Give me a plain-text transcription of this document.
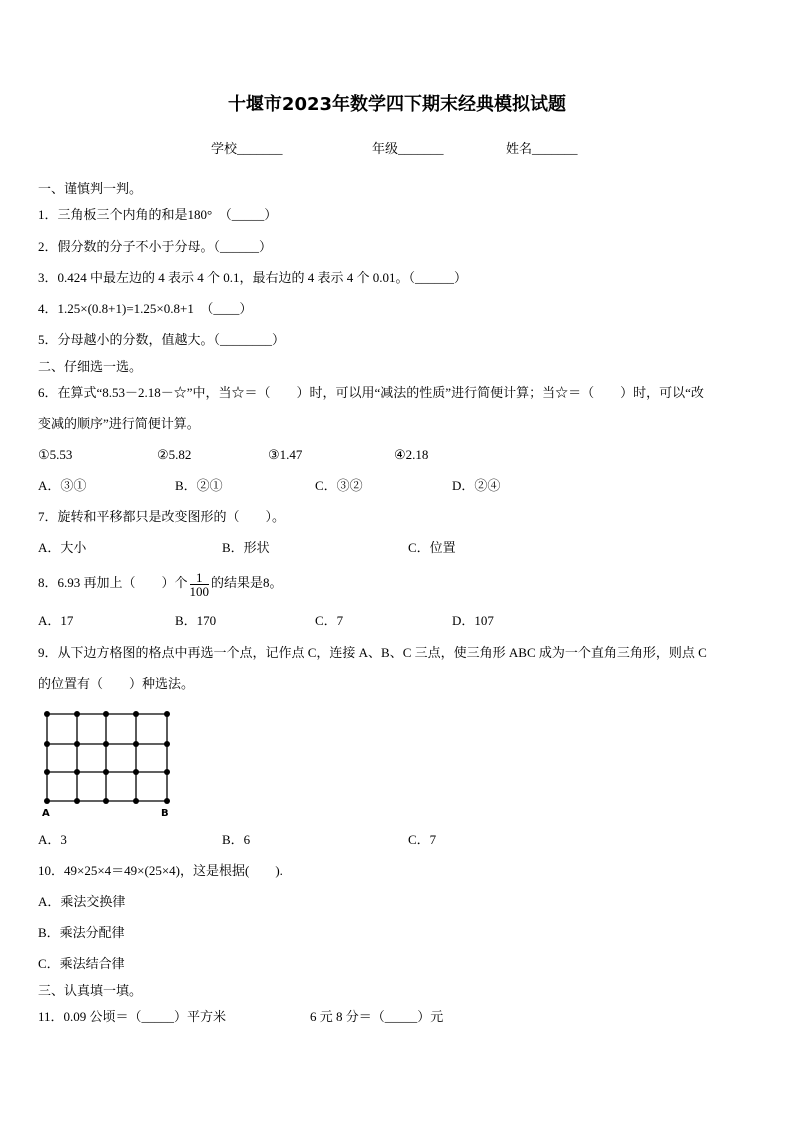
十堰市2023年数学四下期末经典模拟试题
学校_______	年级_______	姓名_______
一、谨慎判一判。
1．三角板三个内角的和是180°　（_____）
2．假分数的分子不小于分母。（______）
3．0.424 中最左边的 4 表示 4 个 0.1，最右边的 4 表示 4 个 0.01。（______）
4．1.25×(0.8+1)=1.25×0.8+1　（____）
5．分母越小的分数，值越大。（________）
二、仔细选一选。
6．在算式“8.53－2.18－☆”中，当☆＝（　　）时，可以用“减法的性质”进行简便计算；当☆＝（　　）时，可以“改
变减的顺序”进行简便计算。
①5.53	②5.82	③1.47	④2.18
A．③①	B．②①	C．③②	D．②④
7．旋转和平移都只是改变图形的（　　）。
A．大小	B．形状	C．位置
8．6.93 再加上（　　）个 $\frac{1}{100}$ 的结果是8。
A．17	B．170	C．7	D．107
9．从下边方格图的格点中再选一个点，记作点 C，连接 A、B、C 三点，使三角形 ABC 成为一个直角三角形，则点 C
的位置有（　　）种选法。
A	B
A．3	B．6	C．7
10．49×25×4＝49×(25×4)，这是根据(　　).
A．乘法交换律
B．乘法分配律
C．乘法结合律
三、认真填一填。
11．0.09 公顷＝（_____）平方米	6 元 8 分＝（_____）元
